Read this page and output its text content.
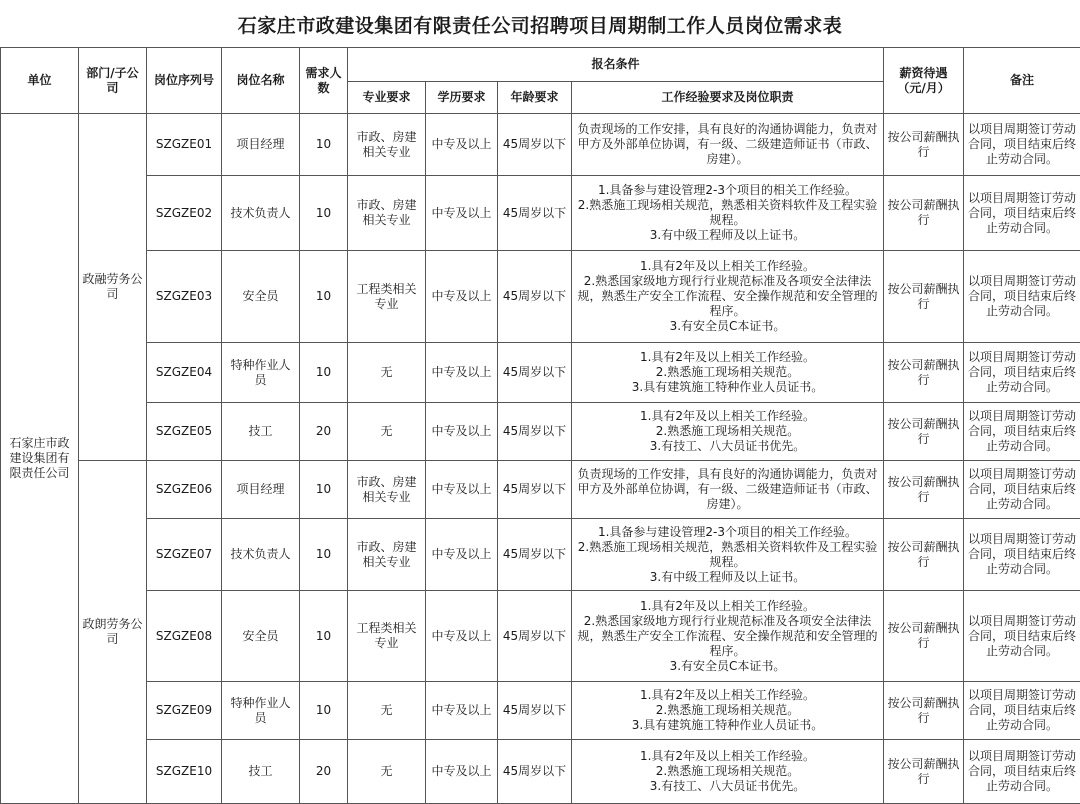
石家庄市政建设集团有限责任公司招聘项目周期制工作人员岗位需求表
单位	部门/子公司	岗位序列号	岗位名称	需求人数	报名条件				薪资待遇（元/月）	备注
					专业要求	学历要求	年龄要求	工作经验要求及岗位职责		
石家庄市政建设集团有限责任公司	政融劳务公司	SZGZE01	项目经理	10	市政、房建相关专业	中专及以上	45周岁以下	负责现场的工作安排，具有良好的沟通协调能力，负责对甲方及外部单位协调，有一级、二级建造师证书（市政、房建）。	按公司薪酬执行	以项目周期签订劳动合同，项目结束后终止劳动合同。
		SZGZE02	技术负责人	10	市政、房建相关专业	中专及以上	45周岁以下	1.具备参与建设管理2-3个项目的相关工作经验。
2.熟悉施工现场相关规范，熟悉相关资料软件及工程实验规程。
3.有中级工程师及以上证书。	按公司薪酬执行	以项目周期签订劳动合同，项目结束后终止劳动合同。
		SZGZE03	安全员	10	工程类相关专业	中专及以上	45周岁以下	1.具有2年及以上相关工作经验。
2.熟悉国家级地方现行行业规范标准及各项安全法律法规，熟悉生产安全工作流程、安全操作规范和安全管理的程序。
3.有安全员C本证书。	按公司薪酬执行	以项目周期签订劳动合同，项目结束后终止劳动合同。
		SZGZE04	特种作业人员	10	无	中专及以上	45周岁以下	1.具有2年及以上相关工作经验。
2.熟悉施工现场相关规范。
3.具有建筑施工特种作业人员证书。	按公司薪酬执行	以项目周期签订劳动合同，项目结束后终止劳动合同。
		SZGZE05	技工	20	无	中专及以上	45周岁以下	1.具有2年及以上相关工作经验。
2.熟悉施工现场相关规范。
3.有技工、八大员证书优先。	按公司薪酬执行	以项目周期签订劳动合同，项目结束后终止劳动合同。
	政朗劳务公司	SZGZE06	项目经理	10	市政、房建相关专业	中专及以上	45周岁以下	负责现场的工作安排，具有良好的沟通协调能力，负责对甲方及外部单位协调，有一级、二级建造师证书（市政、房建）。	按公司薪酬执行	以项目周期签订劳动合同，项目结束后终止劳动合同。
		SZGZE07	技术负责人	10	市政、房建相关专业	中专及以上	45周岁以下	1.具备参与建设管理2-3个项目的相关工作经验。
2.熟悉施工现场相关规范，熟悉相关资料软件及工程实验规程。
3.有中级工程师及以上证书。	按公司薪酬执行	以项目周期签订劳动合同，项目结束后终止劳动合同。
		SZGZE08	安全员	10	工程类相关专业	中专及以上	45周岁以下	1.具有2年及以上相关工作经验。
2.熟悉国家级地方现行行业规范标准及各项安全法律法规，熟悉生产安全工作流程、安全操作规范和安全管理的程序。
3.有安全员C本证书。	按公司薪酬执行	以项目周期签订劳动合同，项目结束后终止劳动合同。
		SZGZE09	特种作业人员	10	无	中专及以上	45周岁以下	1.具有2年及以上相关工作经验。
2.熟悉施工现场相关规范。
3.具有建筑施工特种作业人员证书。	按公司薪酬执行	以项目周期签订劳动合同，项目结束后终止劳动合同。
		SZGZE10	技工	20	无	中专及以上	45周岁以下	1.具有2年及以上相关工作经验。
2.熟悉施工现场相关规范。
3.有技工、八大员证书优先。	按公司薪酬执行	以项目周期签订劳动合同，项目结束后终止劳动合同。
